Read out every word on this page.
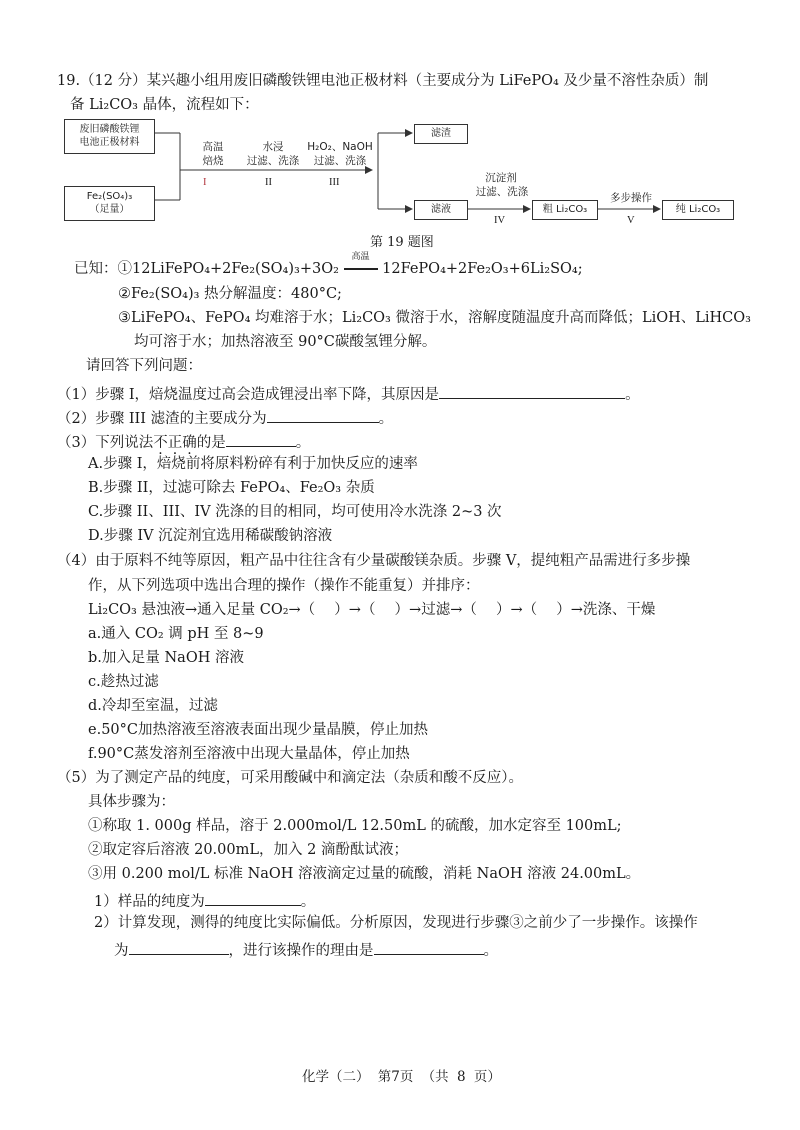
19.（12 分）某兴趣小组用废旧磷酸铁锂电池正极材料（主要成分为 LiFePO₄ 及少量不溶性杂质）制
备 Li₂CO₃ 晶体，流程如下：
废旧磷酸铁锂
电池正极材料
Fe₂(SO₄)₃
（足量）
高温
焙烧
I
水浸
过滤、洗涤
II
H₂O₂、NaOH
过滤、洗涤
III
滤渣
滤液
沉淀剂
过滤、洗涤
IV
粗 Li₂CO₃
多步操作
V
纯 Li₂CO₃
第 19 题图
已知：①12LiFePO₄+2Fe₂(SO₄)₃+3O₂
高温
12FePO₄+2Fe₂O₃+6Li₂SO₄;
②Fe₂(SO₄)₃ 热分解温度：480°C;
③LiFePO₄、FePO₄ 均难溶于水；Li₂CO₃ 微溶于水，溶解度随温度升高而降低；LiOH、LiHCO₃
均可溶于水；加热溶液至 90°C碳酸氢锂分解。
请回答下列问题：
（1）步骤 I，焙烧温度过高会造成锂浸出率下降，其原因是	。
（2）步骤 III 滤渣的主要成分为	。
（3）下列说法不正确的是	。
A.步骤 I，焙烧前将原料粉碎有利于加快反应的速率
B.步骤 II，过滤可除去 FePO₄、Fe₂O₃ 杂质
C.步骤 II、III、IV 洗涤的目的相同，均可使用冷水洗涤 2~3 次
D.步骤 IV 沉淀剂宜选用稀碳酸钠溶液
（4）由于原料不纯等原因，粗产品中往往含有少量碳酸镁杂质。步骤 V，提纯粗产品需进行多步操
作，从下列选项中选出合理的操作（操作不能重复）并排序：
Li₂CO₃ 悬浊液→通入足量 CO₂→（　 ）→（　 ）→过滤→（　 ）→（　 ）→洗涤、干燥
a.通入 CO₂ 调 pH 至 8~9
b.加入足量 NaOH 溶液
c.趁热过滤
d.冷却至室温，过滤
e.50°C加热溶液至溶液表面出现少量晶膜，停止加热
f.90°C蒸发溶剂至溶液中出现大量晶体，停止加热
（5）为了测定产品的纯度，可采用酸碱中和滴定法（杂质和酸不反应）。
具体步骤为：
①称取 1. 000g 样品，溶于 2.000mol/L 12.50mL 的硫酸，加水定容至 100mL;
②取定容后溶液 20.00mL，加入 2 滴酚酞试液；
③用 0.200 mol/L 标准 NaOH 溶液滴定过量的硫酸，消耗 NaOH 溶液 24.00mL。
1）样品的纯度为	。
2）计算发现，测得的纯度比实际偏低。分析原因，发现进行步骤③之前少了一步操作。该操作
为	，进行该操作的理由是	。
化学（二） 第7页 （共 8 页）
